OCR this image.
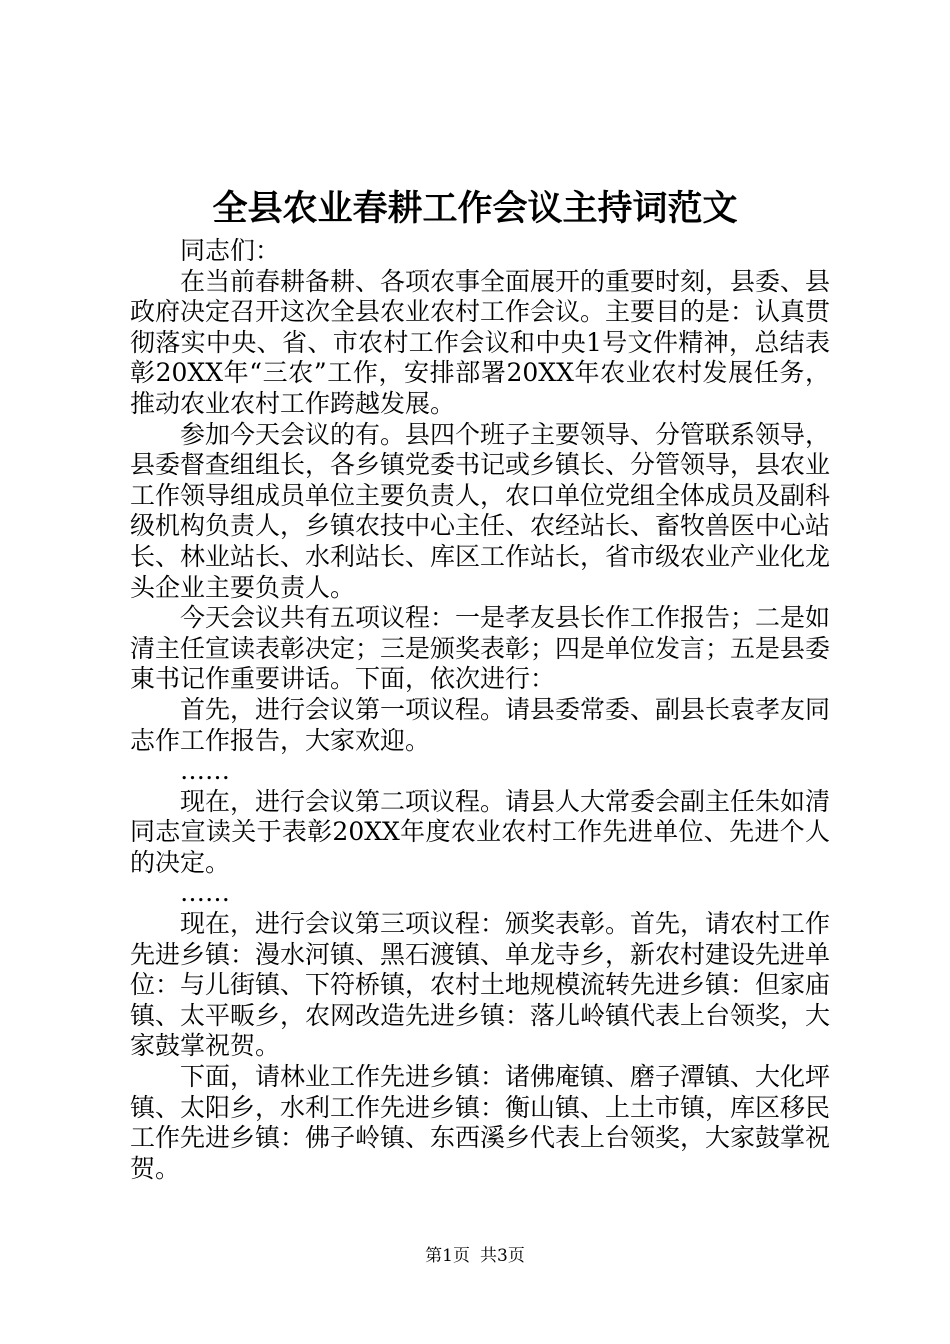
全县农业春耕工作会议主持词范文

同志们：

在当前春耕备耕、各项农事全面展开的重要时刻，县委、县政府决定召开这次全县农业农村工作会议。主要目的是：认真贯彻落实中央、省、市农村工作会议和中央1号文件精神，总结表彰20XX年“三农”工作，安排部署20XX年农业农村发展任务，推动农业农村工作跨越发展。

参加今天会议的有。县四个班子主要领导、分管联系领导，县委督查组组长，各乡镇党委书记或乡镇长、分管领导，县农业工作领导组成员单位主要负责人，农口单位党组全体成员及副科级机构负责人，乡镇农技中心主任、农经站长、畜牧兽医中心站长、林业站长、水利站长、库区工作站长，省市级农业产业化龙头企业主要负责人。

今天会议共有五项议程：一是孝友县长作工作报告；二是如清主任宣读表彰决定；三是颁奖表彰；四是单位发言；五是县委東书记作重要讲话。下面，依次进行：

首先，进行会议第一项议程。请县委常委、副县长袁孝友同志作工作报告，大家欢迎。

……

现在，进行会议第二项议程。请县人大常委会副主任朱如清同志宣读关于表彰20XX年度农业农村工作先进单位、先进个人的决定。

……

现在，进行会议第三项议程：颁奖表彰。首先，请农村工作先进乡镇：漫水河镇、黑石渡镇、单龙寺乡，新农村建设先进单位：与儿街镇、下符桥镇，农村土地规模流转先进乡镇：但家庙镇、太平畈乡，农网改造先进乡镇：落儿岭镇代表上台领奖，大家鼓掌祝贺。

下面，请林业工作先进乡镇：诸佛庵镇、磨子潭镇、大化坪镇、太阳乡，水利工作先进乡镇：衡山镇、上土市镇，库区移民工作先进乡镇：佛子岭镇、东西溪乡代表上台领奖，大家鼓掌祝贺。

第1页 共3页
